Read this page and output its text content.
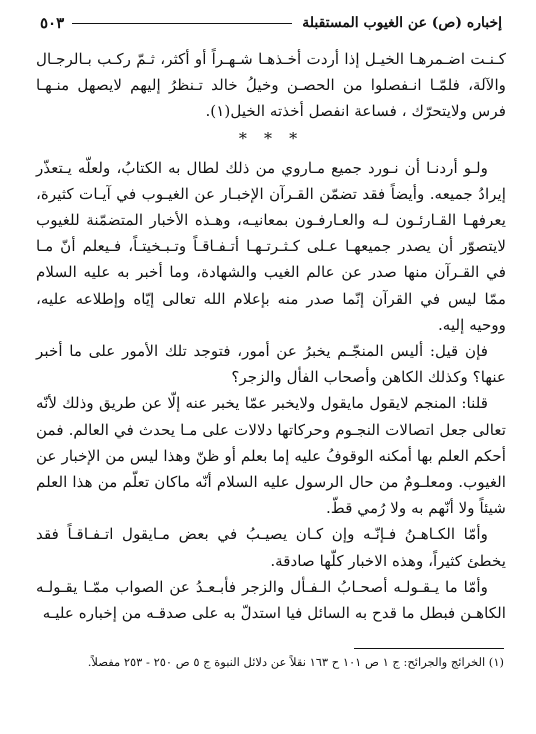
إخباره (ص) عن الغيوب المستقبلة
٥٠٣

كـنـت اضـمرهـا الخيـل إذا أردت أخـذهـا شـهـراً أو أكثر، ثـمّ ركـب بـالرجـال والآلة، فلمّـا انـفصلوا من الحصـن وخيلُ خالد تـنظرُ إليهم لايصهل منـهـا فرس ولايتحرّك ، فساعة انفصل أخذته الخيل(١).

* * *

ولـو أردنـا أن نـورد جميع مـاروي من ذلك لطال به الكتابُ، ولعلّه يـتعذّر إيرادُ جميعه. وأيضاً فقد تضمّن القـرآن الإخبـار عن الغيـوب في آيـات كثيرة، يعرفهـا القـارئـون لـه والعـارفـون بمعانيـه، وهـذه الأخبار المتضمّنة للغيوب لايتصوّر أن يصدر جميعهـا عـلى كـثـرتـهـا أتـفـاقـاً وتـبـخيتـاً، فـيعلم أنّ مـا في القـرآن منها صدر عن عالم الغيب والشهادة، وما أخبر به عليه السلام ممّا ليس في القرآن إنّما صدر منه بإعلام الله تعالى إيّاه وإطلاعه عليه، ووحيه إليه.

فإن قيل: أليس المنجّـم يخبرُ عن أمور، فتوجد تلك الأمور على ما أخبر عنها؟ وكذلك الكاهن وأصحاب الفأل والزجر؟

قلنا: المنجم لايقول مايقول ولايخبر عمّا يخبر عنه إلّا عن طريق وذلك لأنّه تعالى جعل اتصالات النجـوم وحركاتها دلالات على مـا يحدث في العالم. فمن أحكم العلم بها أمكنه الوقوفُ عليه إما بعلم أو ظنّ وهذا ليس من الإخبار عن الغيوب. ومعلـومٌ من حال الرسول عليه السلام أنّه ماكان تعلّم من هذا العلم شيئاً ولا أنّهم به ولا رُمي قطّ.

وأمّا الكـاهـنُ فـإنّـه وإن كـان يصيـبُ في بعض مـايقول اتـفـاقـاً فقد يخطئ كثيراً، وهذه الاخبار كلّها صادقة.

وأمّا ما يـقـولـه أصحـابُ الـفـأل والزجر فأبـعـدُ عن الصواب ممّـا يقـولـه الكاهـن فبطل ما قدح به السائل فيا استدلّ به على صدقـه من إخباره عليـه

(١) الخرائج والجرائح: ج ١ ص ١٠١ ح ١٦٣ نقلاً عن دلائل النبوة ج ٥ ص ٢٥٠ - ٢٥٣ مفصلاً.
